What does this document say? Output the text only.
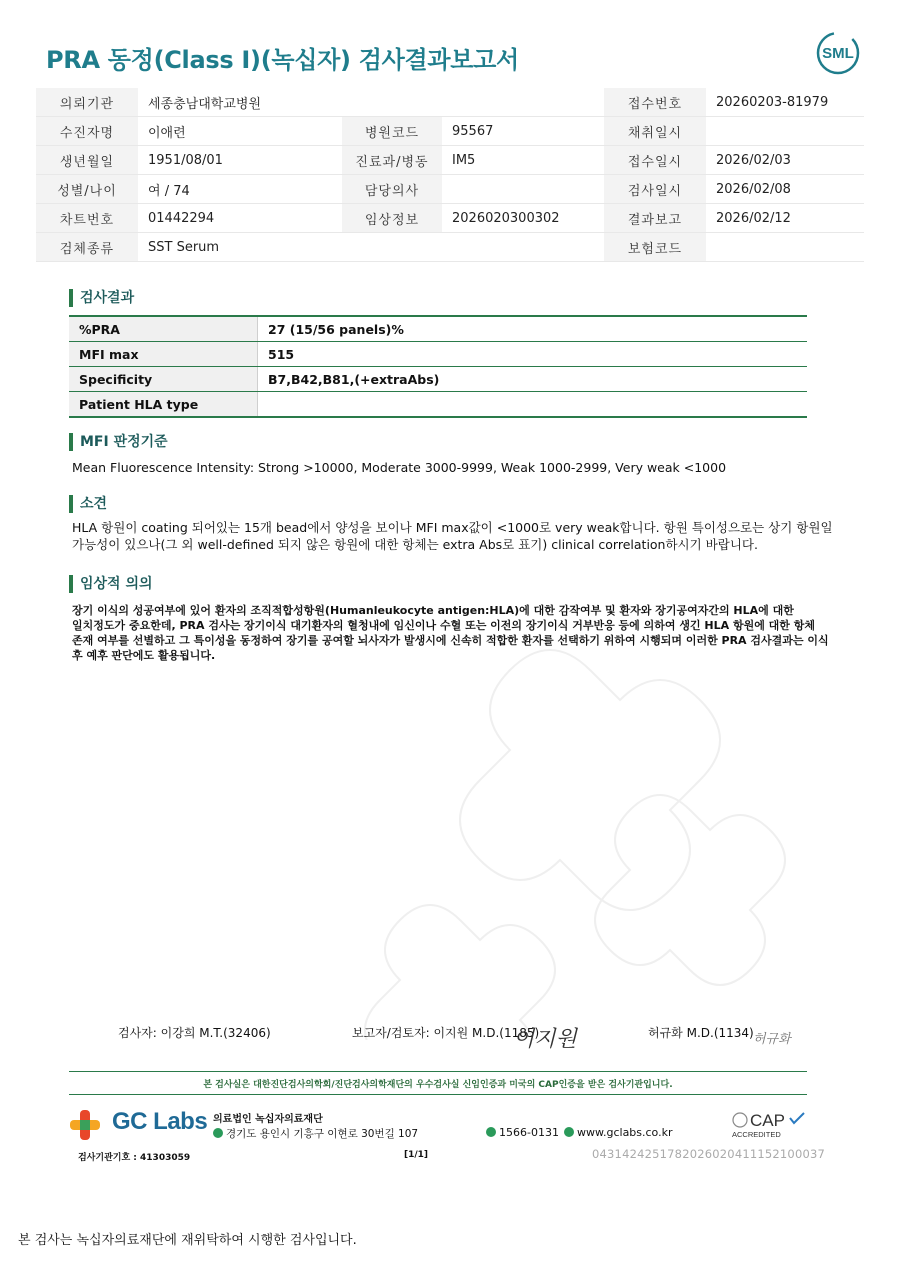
PRA 동정(Class I)(녹십자) 검사결과보고서	SML
의뢰기관	세종충남대학교병원			접수번호	20260203-81979
수진자명	이애련	병원코드	95567	채취일시	
생년월일	1951/08/01	진료과/병동	IM5	접수일시	2026/02/03
성별/나이	여 / 74	담당의사		검사일시	2026/02/08
차트번호	01442294	임상정보	2026020300302	결과보고	2026/02/12
검체종류	SST Serum			보험코드	
검사결과
%PRA	27 (15/56 panels)%
MFI max	515
Specificity	B7,B42,B81,(+extraAbs)
Patient HLA type	
MFI 판정기준
Mean Fluorescence Intensity: Strong >10000, Moderate 3000-9999, Weak 1000-2999, Very weak <1000
소견
HLA 항원이 coating 되어있는 15개 bead에서 양성을 보이나 MFI max값이 <1000로 very weak합니다. 항원 특이성으로는 상기 항원일
가능성이 있으나(그 외 well-defined 되지 않은 항원에 대한 항체는 extra Abs로 표기) clinical correlation하시기 바랍니다.
임상적 의의
장기 이식의 성공여부에 있어 환자의 조직적합성항원(Humanleukocyte antigen:HLA)에 대한 감작여부 및 환자와 장기공여자간의 HLA에 대한
일치정도가 중요한데, PRA 검사는 장기이식 대기환자의 혈청내에 임신이나 수혈 또는 이전의 장기이식 거부반응 등에 의하여 생긴 HLA 항원에 대한 항체
존재 여부를 선별하고 그 특이성을 동정하여 장기를 공여할 뇌사자가 발생시에 신속히 적합한 환자를 선택하기 위하여 시행되며 이러한 PRA 검사결과는 이식
후 예후 판단에도 활용됩니다.
검사자: 이강희 M.T.(32406)	보고자/검토자: 이지원 M.D.(1185)
이지원	허규화 M.D.(1134) 허규화
본 검사실은 대한진단검사의학회/진단검사의학재단의 우수검사실 신임인증과 미국의 CAP인증을 받은 검사기관입니다.
GC Labs 의료법인 녹십자의료재단
경기도 용인시 기흥구 이현로 30번길 107	1566-0131	www.gclabs.co.kr
CAP
ACCREDITED
검사기관기호 : 41303059	[1/1]	04314242517820260204111521000​37
본 검사는 녹십자의료재단에 재위탁하여 시행한 검사입니다.
